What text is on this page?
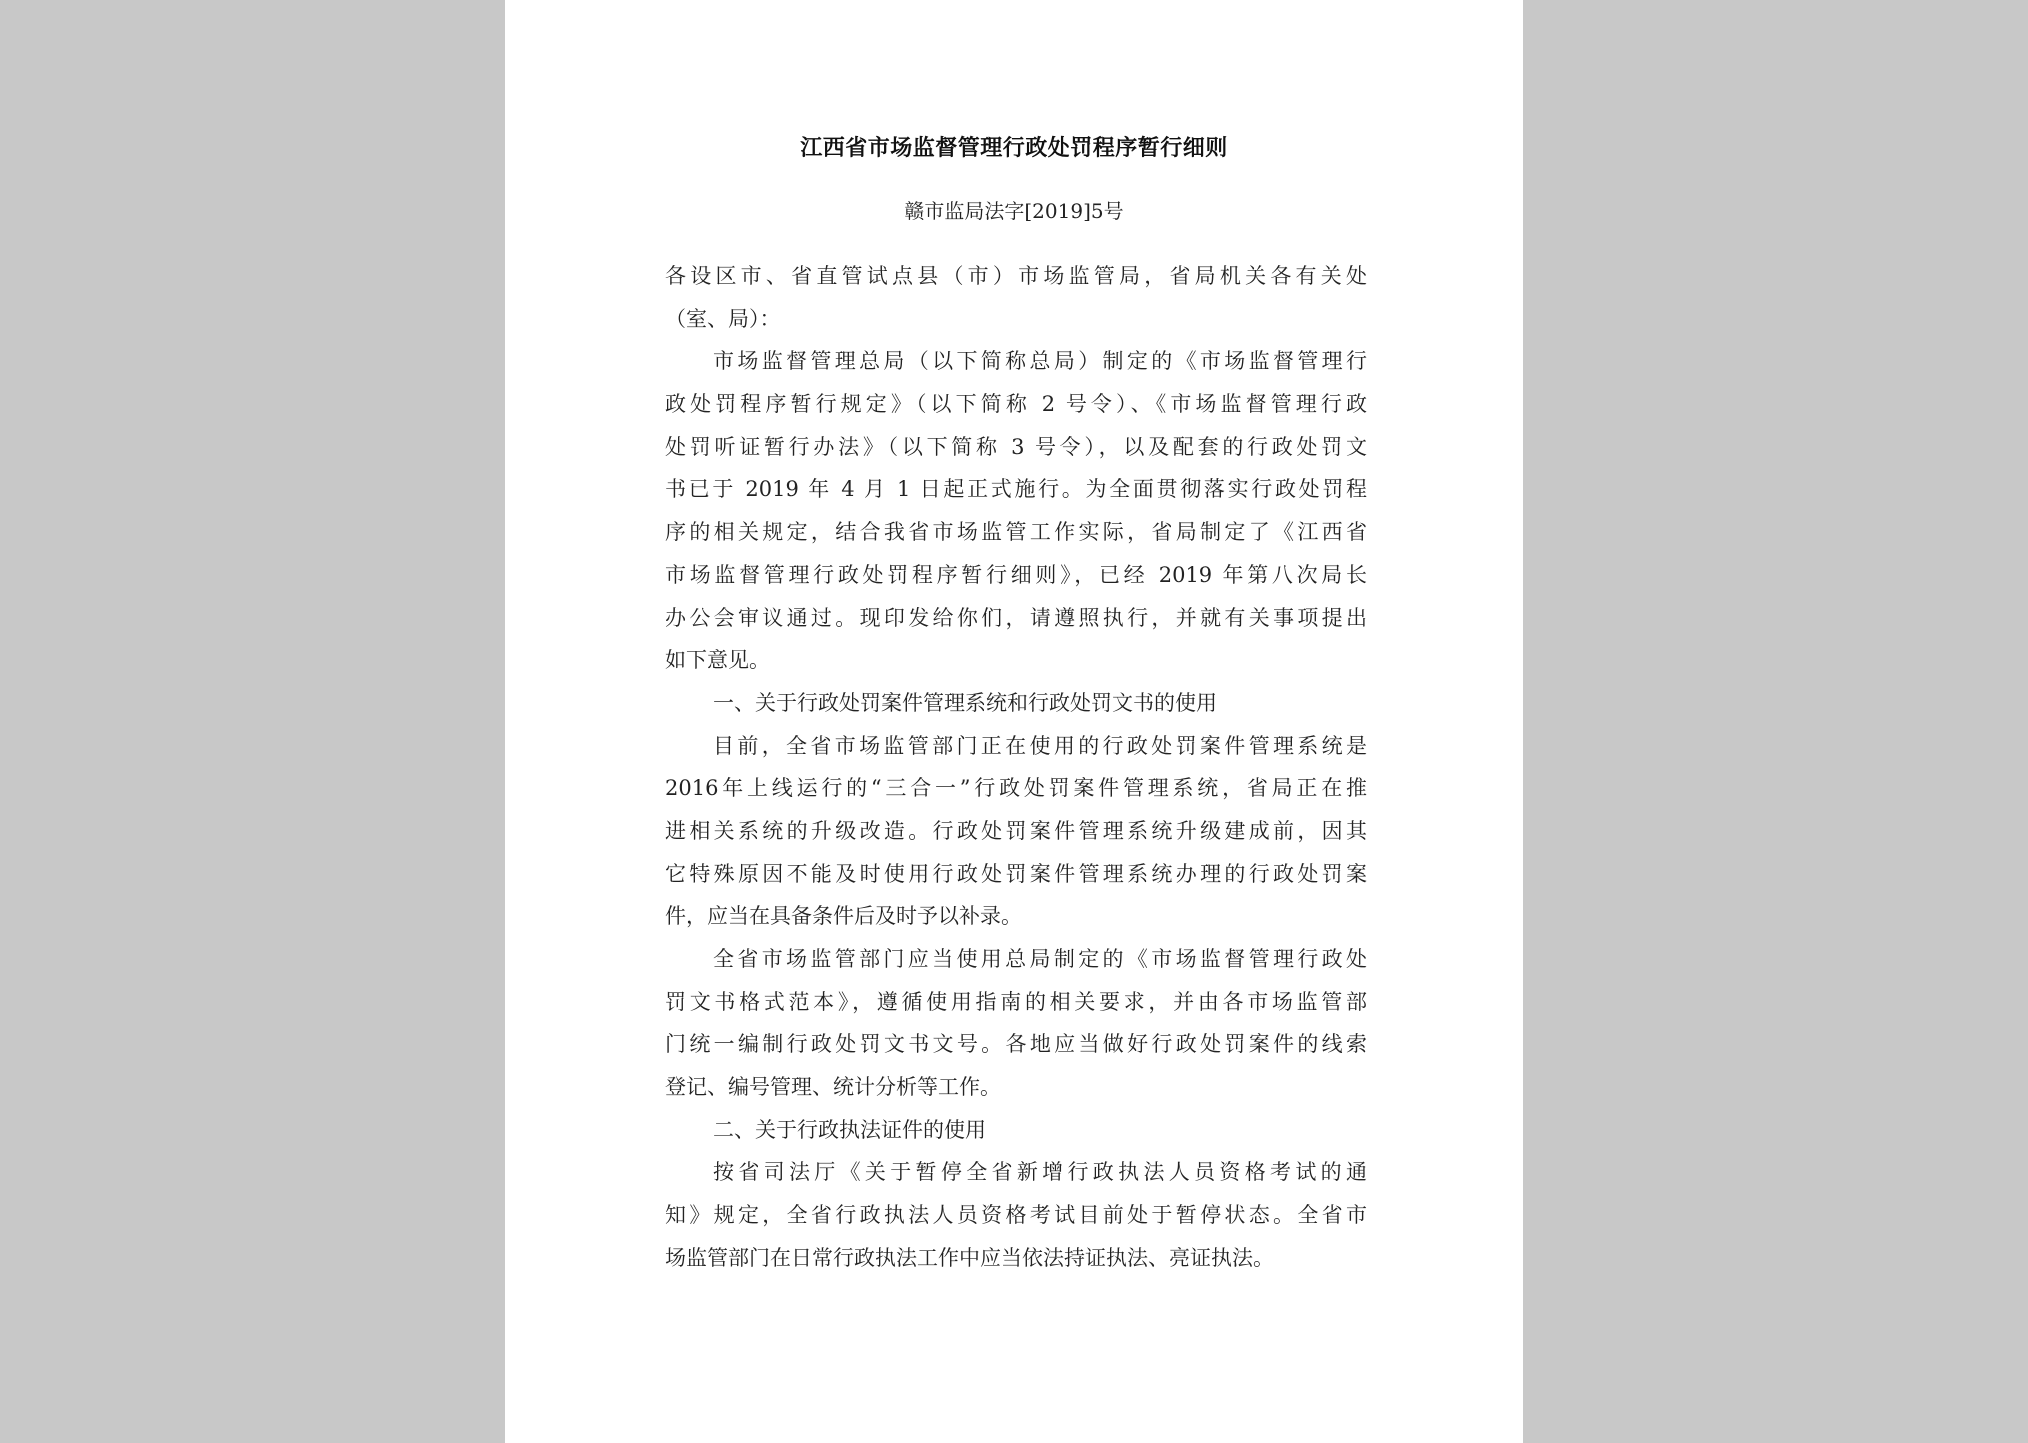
江西省市场监督管理行政处罚程序暂行细则

赣市监局法字[2019]5号

各设区市、省直管试点县（市）市场监管局，省局机关各有关处
（室、局）：
市场监督管理总局（以下简称总局）制定的《市场监督管理行
政处罚程序暂行规定》（以下简称 2 号令）、《市场监督管理行政
处罚听证暂行办法》（以下简称 3 号令），以及配套的行政处罚文
书已于 2019 年 4 月 1 日起正式施行。为全面贯彻落实行政处罚程
序的相关规定，结合我省市场监管工作实际，省局制定了《江西省
市场监督管理行政处罚程序暂行细则》，已经 2019 年第八次局长
办公会审议通过。现印发给你们，请遵照执行，并就有关事项提出
如下意见。
一、关于行政处罚案件管理系统和行政处罚文书的使用
目前，全省市场监管部门正在使用的行政处罚案件管理系统是
2016年上线运行的“三合一”行政处罚案件管理系统，省局正在推
进相关系统的升级改造。行政处罚案件管理系统升级建成前，因其
它特殊原因不能及时使用行政处罚案件管理系统办理的行政处罚案
件，应当在具备条件后及时予以补录。
全省市场监管部门应当使用总局制定的《市场监督管理行政处
罚文书格式范本》，遵循使用指南的相关要求，并由各市场监管部
门统一编制行政处罚文书文号。各地应当做好行政处罚案件的线索
登记、编号管理、统计分析等工作。
二、关于行政执法证件的使用
按省司法厅《关于暂停全省新增行政执法人员资格考试的通
知》规定，全省行政执法人员资格考试目前处于暂停状态。全省市
场监管部门在日常行政执法工作中应当依法持证执法、亮证执法。
